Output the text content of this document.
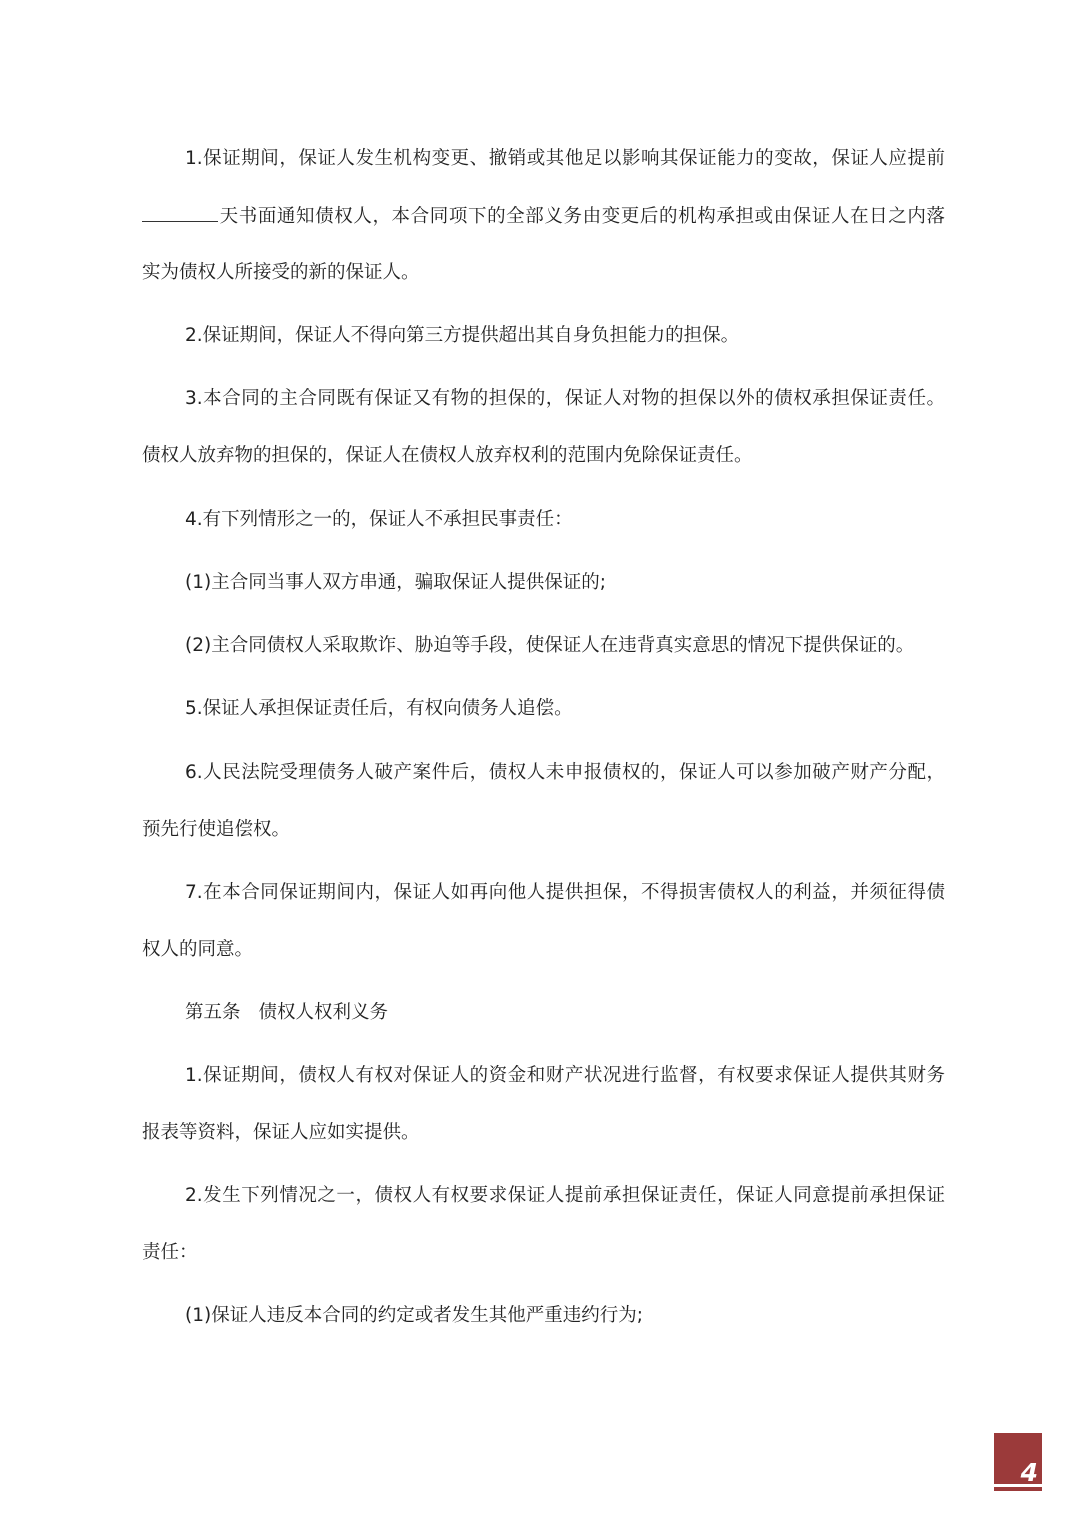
1.保证期间，保证人发生机构变更、撤销或其他足以影响其保证能力的变故，保证人应提前
天书面通知债权人，本合同项下的全部义务由变更后的机构承担或由保证人在日之内落
实为债权人所接受的新的保证人。
2.保证期间，保证人不得向第三方提供超出其自身负担能力的担保。
3.本合同的主合同既有保证又有物的担保的，保证人对物的担保以外的债权承担保证责任。
债权人放弃物的担保的，保证人在债权人放弃权利的范围内免除保证责任。
4.有下列情形之一的，保证人不承担民事责任：
(1)主合同当事人双方串通，骗取保证人提供保证的;
(2)主合同债权人采取欺诈、胁迫等手段，使保证人在违背真实意思的情况下提供保证的。
5.保证人承担保证责任后，有权向债务人追偿。
6.人民法院受理债务人破产案件后，债权人未申报债权的，保证人可以参加破产财产分配，
预先行使追偿权。
7.在本合同保证期间内，保证人如再向他人提供担保，不得损害债权人的利益，并须征得债
权人的同意。
第五条 债权人权利义务
1.保证期间，债权人有权对保证人的资金和财产状况进行监督，有权要求保证人提供其财务
报表等资料，保证人应如实提供。
2.发生下列情况之一，债权人有权要求保证人提前承担保证责任，保证人同意提前承担保证
责任：
(1)保证人违反本合同的约定或者发生其他严重违约行为;
4
